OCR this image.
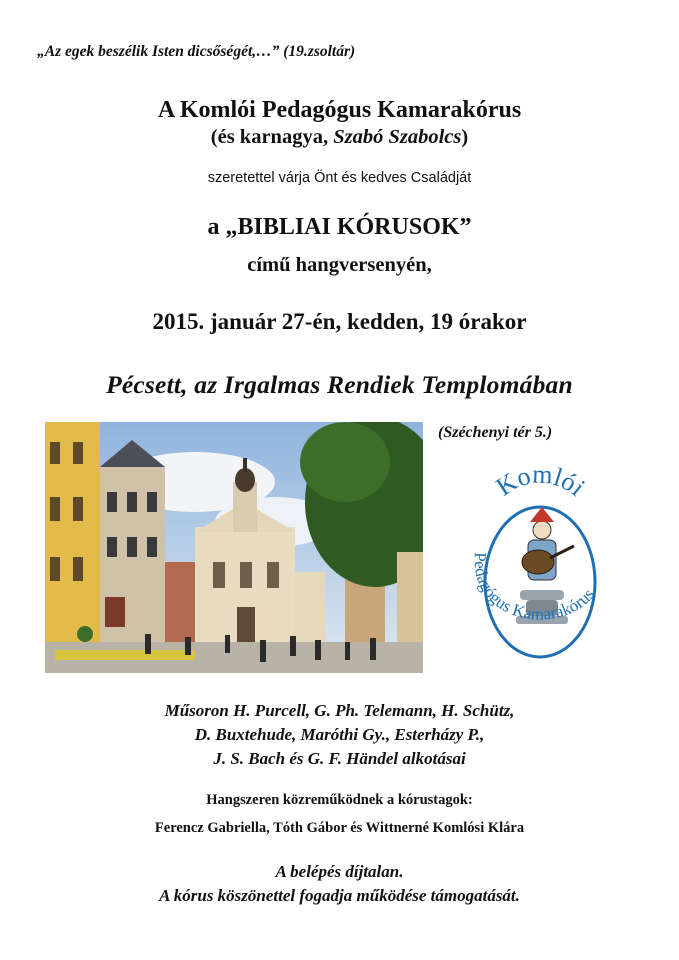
„Az egek beszélik Isten dicsőségét,…” (19.zsoltár)
A Komlói Pedagógus Kamarakórus
(és karnagya, Szabó Szabolcs)
szeretettel várja Önt és kedves Családját
a „BIBLIAI KÓRUSOK”
című hangversenyén,
2015. január 27-én, kedden, 19 órakor
Pécsett, az Irgalmas Rendiek Templomában
(Széchenyi tér 5.)
Komlói
Pedagógus Kamarakórus
Műsoron H. Purcell, G. Ph. Telemann, H. Schütz,
D. Buxtehude, Maróthi Gy., Esterházy P.,
J. S. Bach és G. F. Händel alkotásai
Hangszeren közreműködnek a kórustagok:
Ferencz Gabriella, Tóth Gábor és Wittnerné Komlósi Klára
A belépés díjtalan.
A kórus köszönettel fogadja működése támogatását.
